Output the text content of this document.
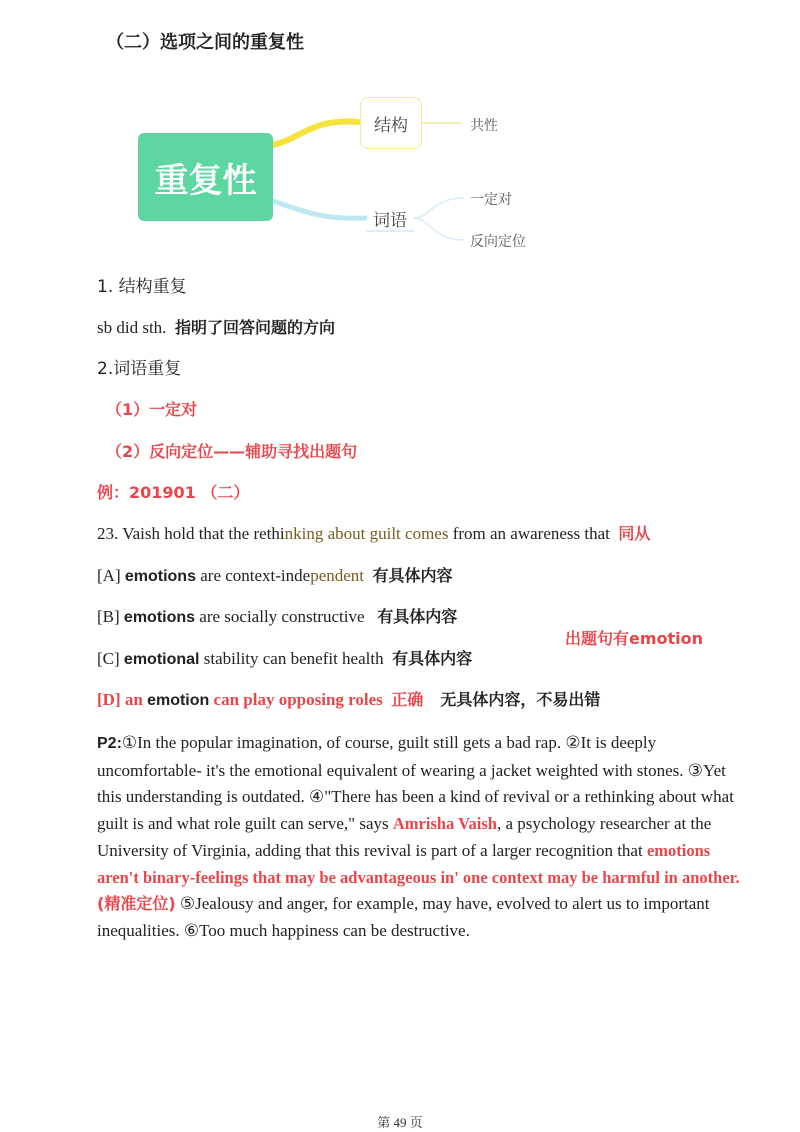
（二）选项之间的重复性
重复性
结构	共性
词语
一定对
反向定位
1. 结构重复
sb did sth. 指明了回答问题的方向
2.词语重复
（1）一定对
（2）反向定位——辅助寻找出题句
例：201901 （二）
23. Vaish hold that the rethinking about guilt comes from an awareness that 同从
[A] emotions are context-independent 有具体内容
[B] emotions are socially constructive 有具体内容
出题句有emotion
[C] emotional stability can benefit health 有具体内容
[D] an emotion can play opposing roles 正确 无具体内容，不易出错
P2:①In the popular imagination, of course, guilt still gets a bad rap. ②It is deeply uncomfortable- it's the emotional equivalent of wearing a jacket weighted with stones. ③Yet this understanding is outdated. ④"There has been a kind of revival or a rethinking about what guilt is and what role guilt can serve," says Amrisha Vaish, a psychology researcher at the University of Virginia, adding that this revival is part of a larger recognition that emotions aren't binary-feelings that may be advantageous in' one context may be harmful in another. (精准定位) ⑤Jealousy and anger, for example, may have, evolved to alert us to important inequalities. ⑥Too much happiness can be destructive.
第 49 页
